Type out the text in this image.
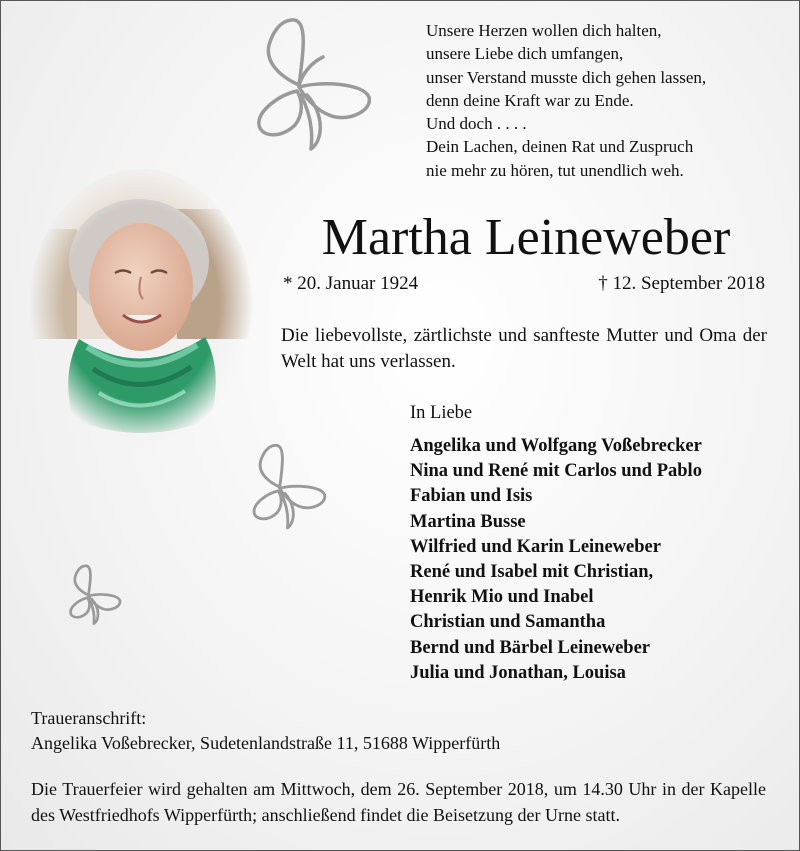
Unsere Herzen wollen dich halten,
unsere Liebe dich umfangen,
unser Verstand musste dich gehen lassen,
denn deine Kraft war zu Ende.
Und doch . . . .
Dein Lachen, deinen Rat und Zuspruch
nie mehr zu hören, tut unendlich weh.
Martha Leineweber
* 20. Januar 1924	† 12. September 2018
Die liebevollste, zärtlichste und sanfteste Mutter und Oma der Welt hat uns verlassen.
In Liebe
Angelika und Wolfgang Voßebrecker
Nina und René mit Carlos und Pablo
Fabian und Isis
Martina Busse
Wilfried und Karin Leineweber
René und Isabel mit Christian,
Henrik Mio und Inabel
Christian und Samantha
Bernd und Bärbel Leineweber
Julia und Jonathan, Louisa
Traueranschrift:
Angelika Voßebrecker, Sudetenlandstraße 11, 51688 Wipperfürth
Die Trauerfeier wird gehalten am Mittwoch, dem 26. September 2018, um 14.30 Uhr in der Kapelle des Westfriedhofs Wipperfürth; anschließend findet die Beisetzung der Urne statt.
